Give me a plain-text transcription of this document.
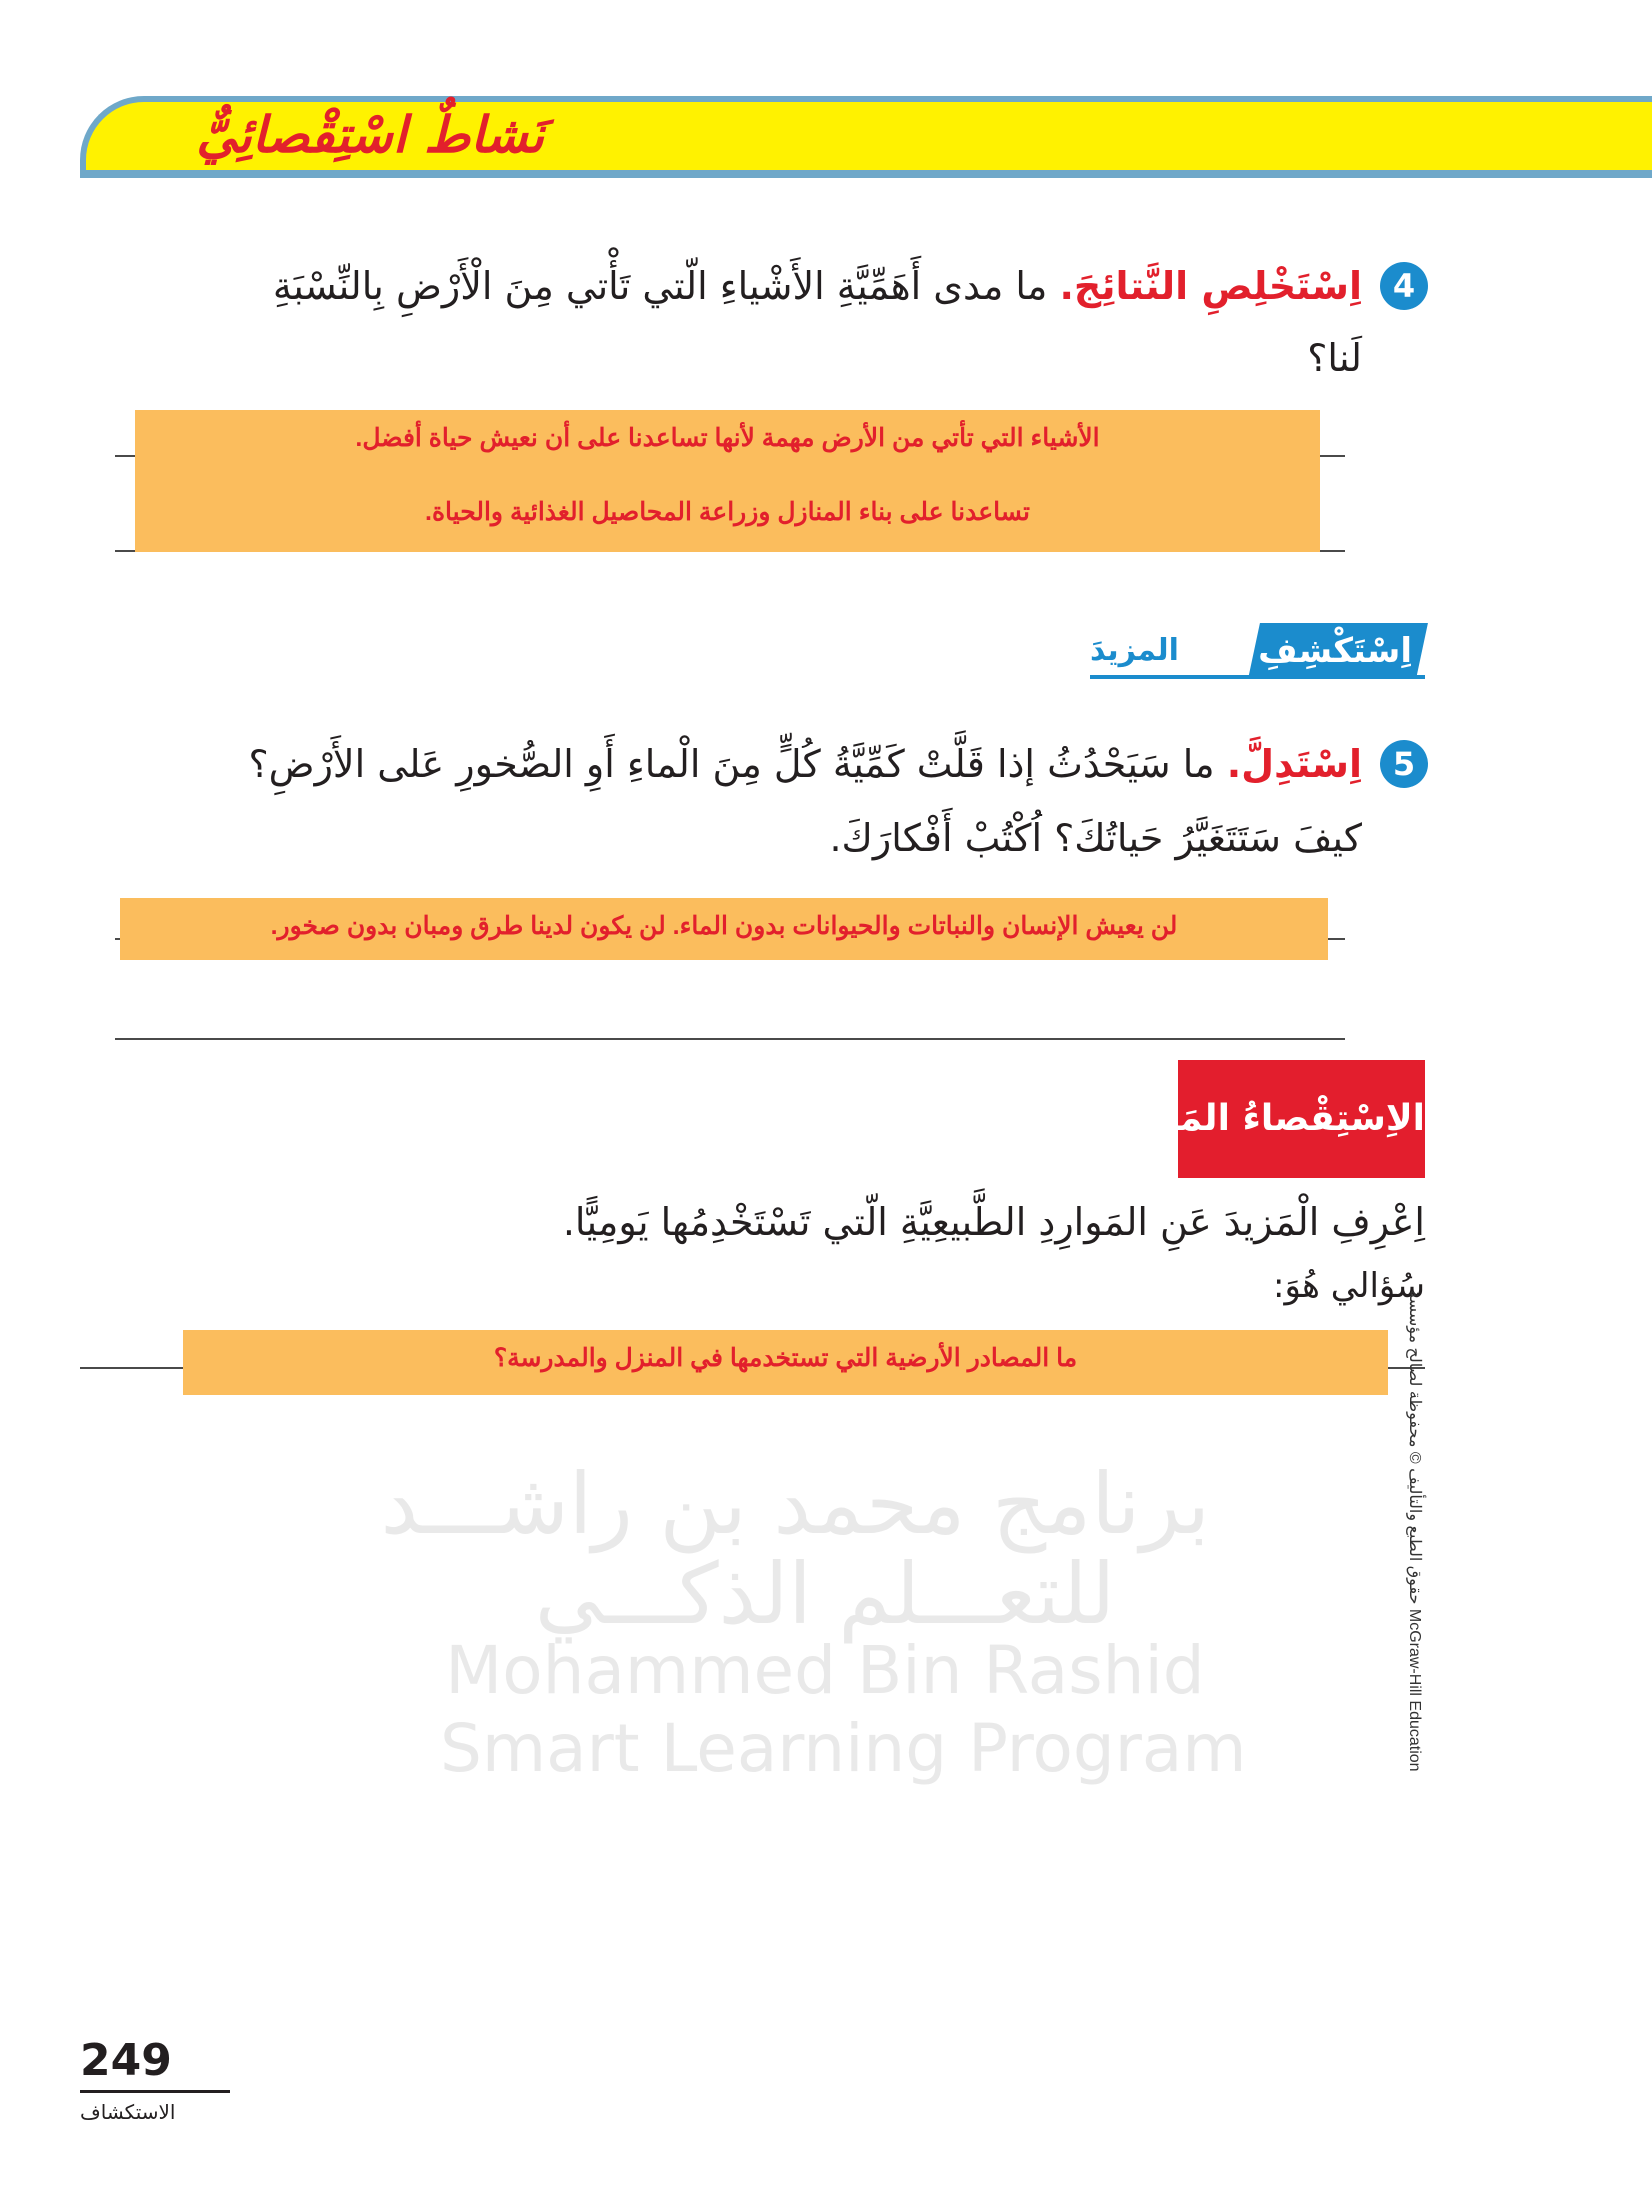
برنامج محمد بن راشـــد
للتعـــلم الذكـــي
Mohammed Bin Rashid
Smart Learning Program
نَشاطٌ اسْتِقْصائِيٌّ
4
اِسْتَخْلِصِ النَّتائِجَ. ما مدى أَهَمِّيَّةِ الأَشْياءِ الّتي تَأْتي مِنَ الْأَرْضِ بِالنِّسْبَةِ
لَنا؟
الأشياء التي تأتي من الأرض مهمة لأنها تساعدنا على أن نعيش حياة أفضل.
تساعدنا على بناء المنازل وزراعة المحاصيل الغذائية والحياة.
اِسْتَكْشِفِ
المزيدَ
5
اِسْتَدِلَّ. ما سَيَحْدُثُ إذا قَلَّتْ كَمِّيَّةُ كُلٍّ مِنَ الْماءِ أَوِ الصُّخورِ عَلى الأَرْضِ؟
كيفَ سَتَتَغَيَّرُ حَياتُكَ؟ اُكْتُبْ أَفْكارَكَ.
لن يعيش الإنسان والنباتات والحيوانات بدون الماء. لن يكون لدينا طرق ومبان بدون صخور.
الاِسْتِقْصاءُ المَفْتوحُ
اِعْرِفِ الْمَزيدَ عَنِ المَوارِدِ الطَّبيعِيَّةِ الّتي تَسْتَخْدِمُها يَومِيًّا.
سُؤالي هُوَ:
ما المصادر الأرضية التي تستخدمها في المنزل والمدرسة؟	حقوق الطبع والتأليف © محفوظة لصالح مؤسسة McGraw-Hill Education
249
الاستكشاف
